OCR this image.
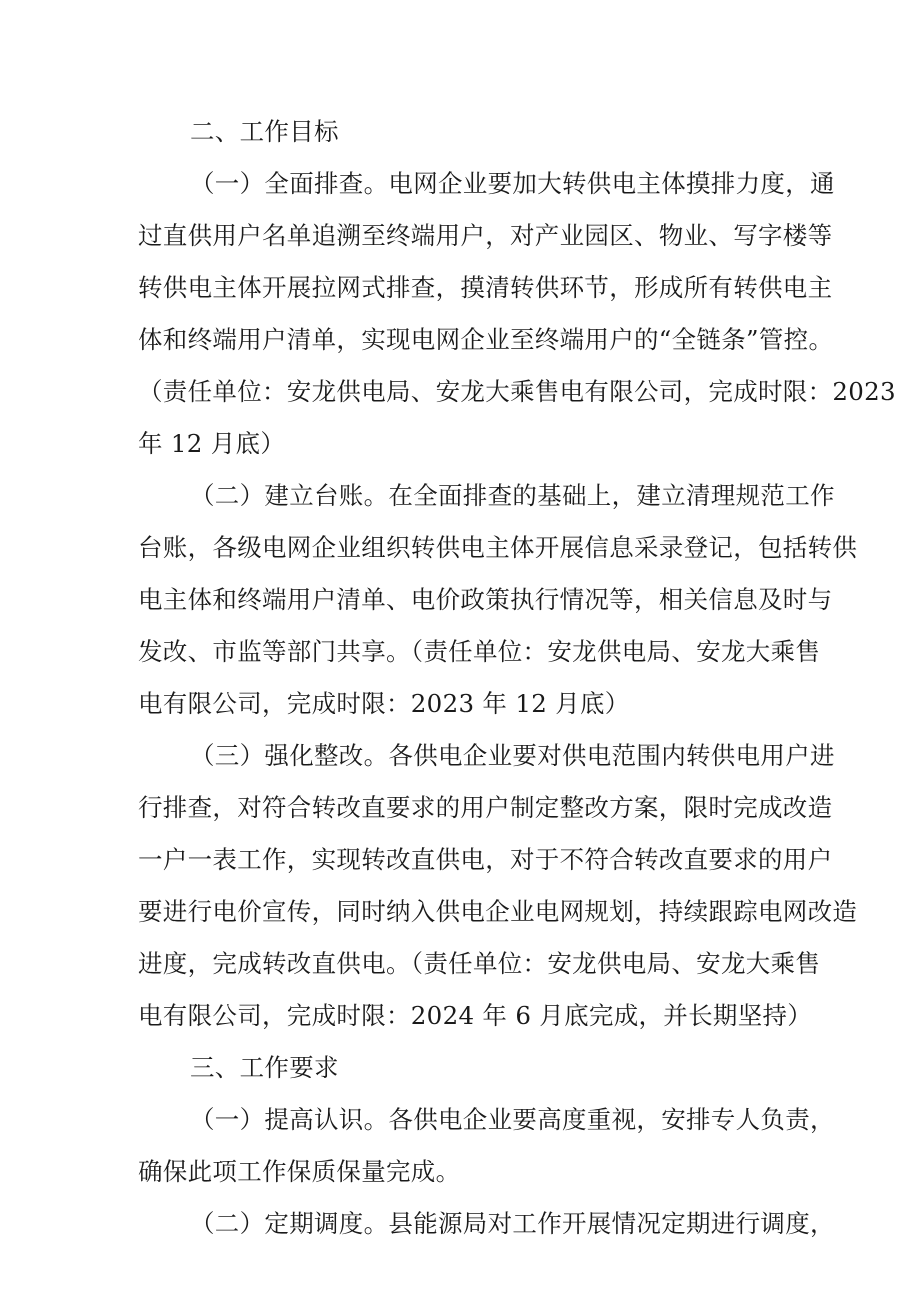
二、工作目标
（一）全面排查。电网企业要加大转供电主体摸排力度，通
过直供用户名单追溯至终端用户，对产业园区、物业、写字楼等
转供电主体开展拉网式排查，摸清转供环节，形成所有转供电主
体和终端用户清单，实现电网企业至终端用户的“全链条”管控。
（责任单位：安龙供电局、安龙大乘售电有限公司，完成时限：2023
年 12 月底）
（二）建立台账。在全面排查的基础上，建立清理规范工作
台账，各级电网企业组织转供电主体开展信息采录登记，包括转供
电主体和终端用户清单、电价政策执行情况等，相关信息及时与
发改、市监等部门共享。（责任单位：安龙供电局、安龙大乘售
电有限公司，完成时限：2023 年 12 月底）
（三）强化整改。各供电企业要对供电范围内转供电用户进
行排查，对符合转改直要求的用户制定整改方案，限时完成改造
一户一表工作，实现转改直供电，对于不符合转改直要求的用户
要进行电价宣传，同时纳入供电企业电网规划，持续跟踪电网改造
进度，完成转改直供电。（责任单位：安龙供电局、安龙大乘售
电有限公司，完成时限：2024 年 6 月底完成，并长期坚持）
三、工作要求
（一）提高认识。各供电企业要高度重视，安排专人负责，
确保此项工作保质保量完成。
（二）定期调度。县能源局对工作开展情况定期进行调度，
